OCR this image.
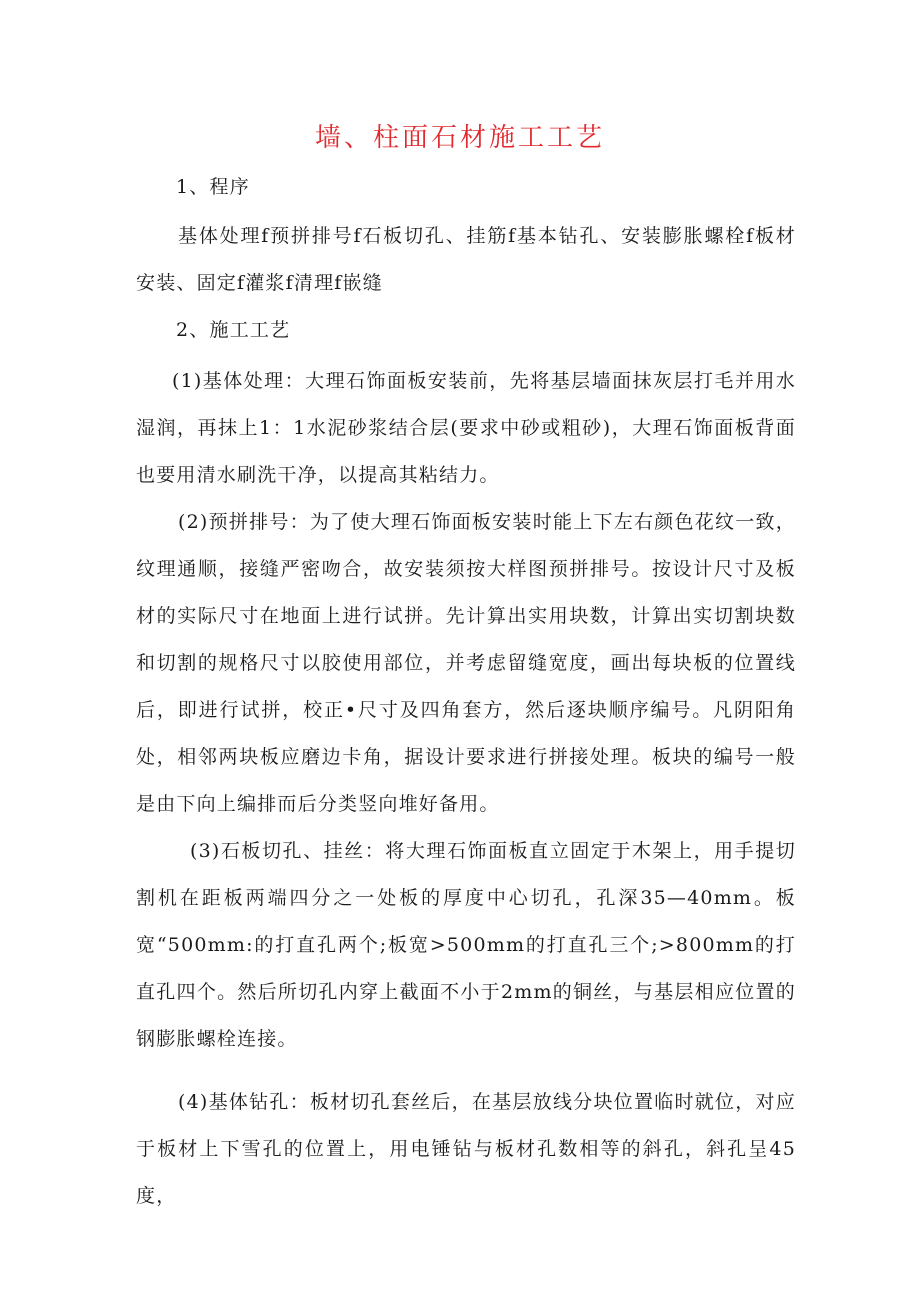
墙、柱面石材施工工艺
1、程序
基体处理f预拼排号f石板切孔、挂筋f基本钻孔、安装膨胀螺栓f板材安装、固定f灌浆f清理f嵌缝
2、施工工艺
(1)基体处理：大理石饰面板安装前，先将基层墙面抹灰层打毛并用水湿润，再抹上1：1水泥砂浆结合层(要求中砂或粗砂)，大理石饰面板背面也要用清水刷洗干净，以提高其粘结力。
(2)预拼排号：为了使大理石饰面板安装时能上下左右颜色花纹一致，纹理通顺，接缝严密吻合，故安装须按大样图预拼排号。按设计尺寸及板材的实际尺寸在地面上进行试拼。先计算出实用块数，计算出实切割块数和切割的规格尺寸以胶使用部位，并考虑留缝宽度，画出每块板的位置线后，即进行试拼，校正•尺寸及四角套方，然后逐块顺序编号。凡阴阳角处，相邻两块板应磨边卡角，据设计要求进行拼接处理。板块的编号一般是由下向上编排而后分类竖向堆好备用。
(3)石板切孔、挂丝：将大理石饰面板直立固定于木架上，用手提切割机在距板两端四分之一处板的厚度中心切孔，孔深35—40mm。板宽“500mm:的打直孔两个;板宽>500mm的打直孔三个;>800mm的打直孔四个。然后所切孔内穿上截面不小于2mm的铜丝，与基层相应位置的钢膨胀螺栓连接。
(4)基体钻孔：板材切孔套丝后，在基层放线分块位置临时就位，对应于板材上下雪孔的位置上，用电锤钻与板材孔数相等的斜孔，斜孔呈45度，
